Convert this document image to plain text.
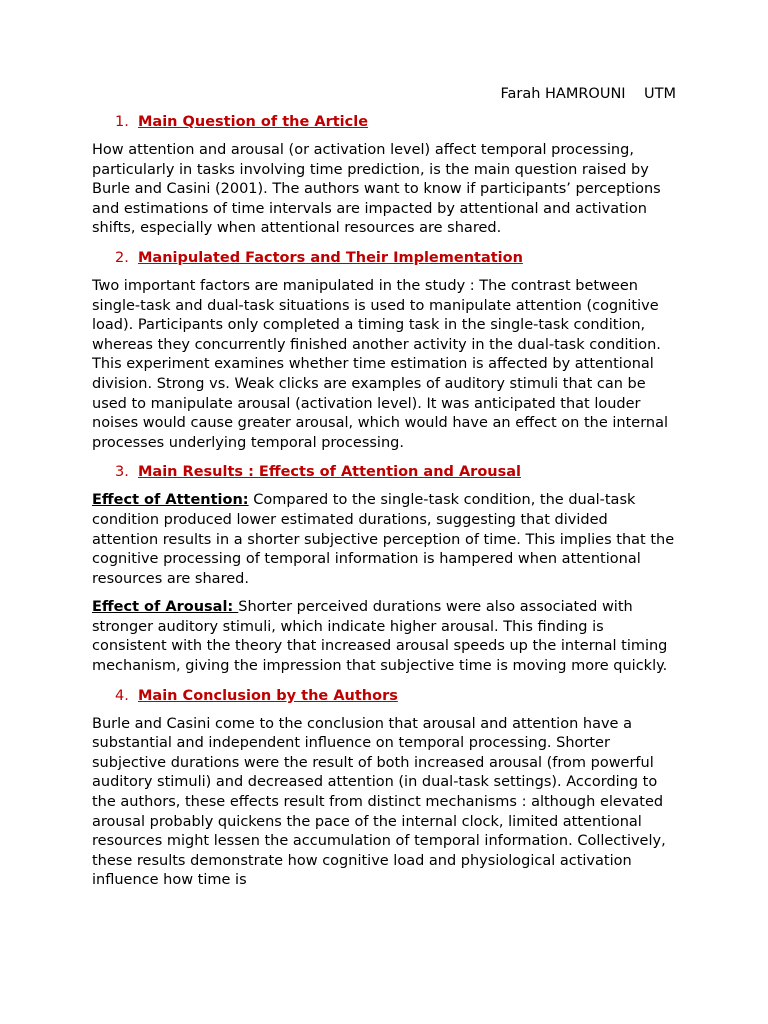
Farah HAMROUNI    UTM
1. Main Question of the Article

How attention and arousal (or activation level) affect temporal processing, particularly in tasks involving time prediction, is the main question raised by Burle and Casini (2001). The authors want to know if participants’ perceptions and estimations of time intervals are impacted by attentional and activation shifts, especially when attentional resources are shared.

2. Manipulated Factors and Their Implementation

Two important factors are manipulated in the study : The contrast between single-task and dual-task situations is used to manipulate attention (cognitive load). Participants only completed a timing task in the single-task condition, whereas they concurrently finished another activity in the dual-task condition. This experiment examines whether time estimation is affected by attentional division. Strong vs. Weak clicks are examples of auditory stimuli that can be used to manipulate arousal (activation level). It was anticipated that louder noises would cause greater arousal, which would have an effect on the internal processes underlying temporal processing.

3. Main Results : Effects of Attention and Arousal

Effect of Attention: Compared to the single-task condition, the dual-task condition produced lower estimated durations, suggesting that divided attention results in a shorter subjective perception of time. This implies that the cognitive processing of temporal information is hampered when attentional resources are shared.

Effect of Arousal: Shorter perceived durations were also associated with stronger auditory stimuli, which indicate higher arousal. This finding is consistent with the theory that increased arousal speeds up the internal timing mechanism, giving the impression that subjective time is moving more quickly.

4. Main Conclusion by the Authors

Burle and Casini come to the conclusion that arousal and attention have a substantial and independent influence on temporal processing. Shorter subjective durations were the result of both increased arousal (from powerful auditory stimuli) and decreased attention (in dual-task settings). According to the authors, these effects result from distinct mechanisms : although elevated arousal probably quickens the pace of the internal clock, limited attentional resources might lessen the accumulation of temporal information. Collectively, these results demonstrate how cognitive load and physiological activation influence how time is
